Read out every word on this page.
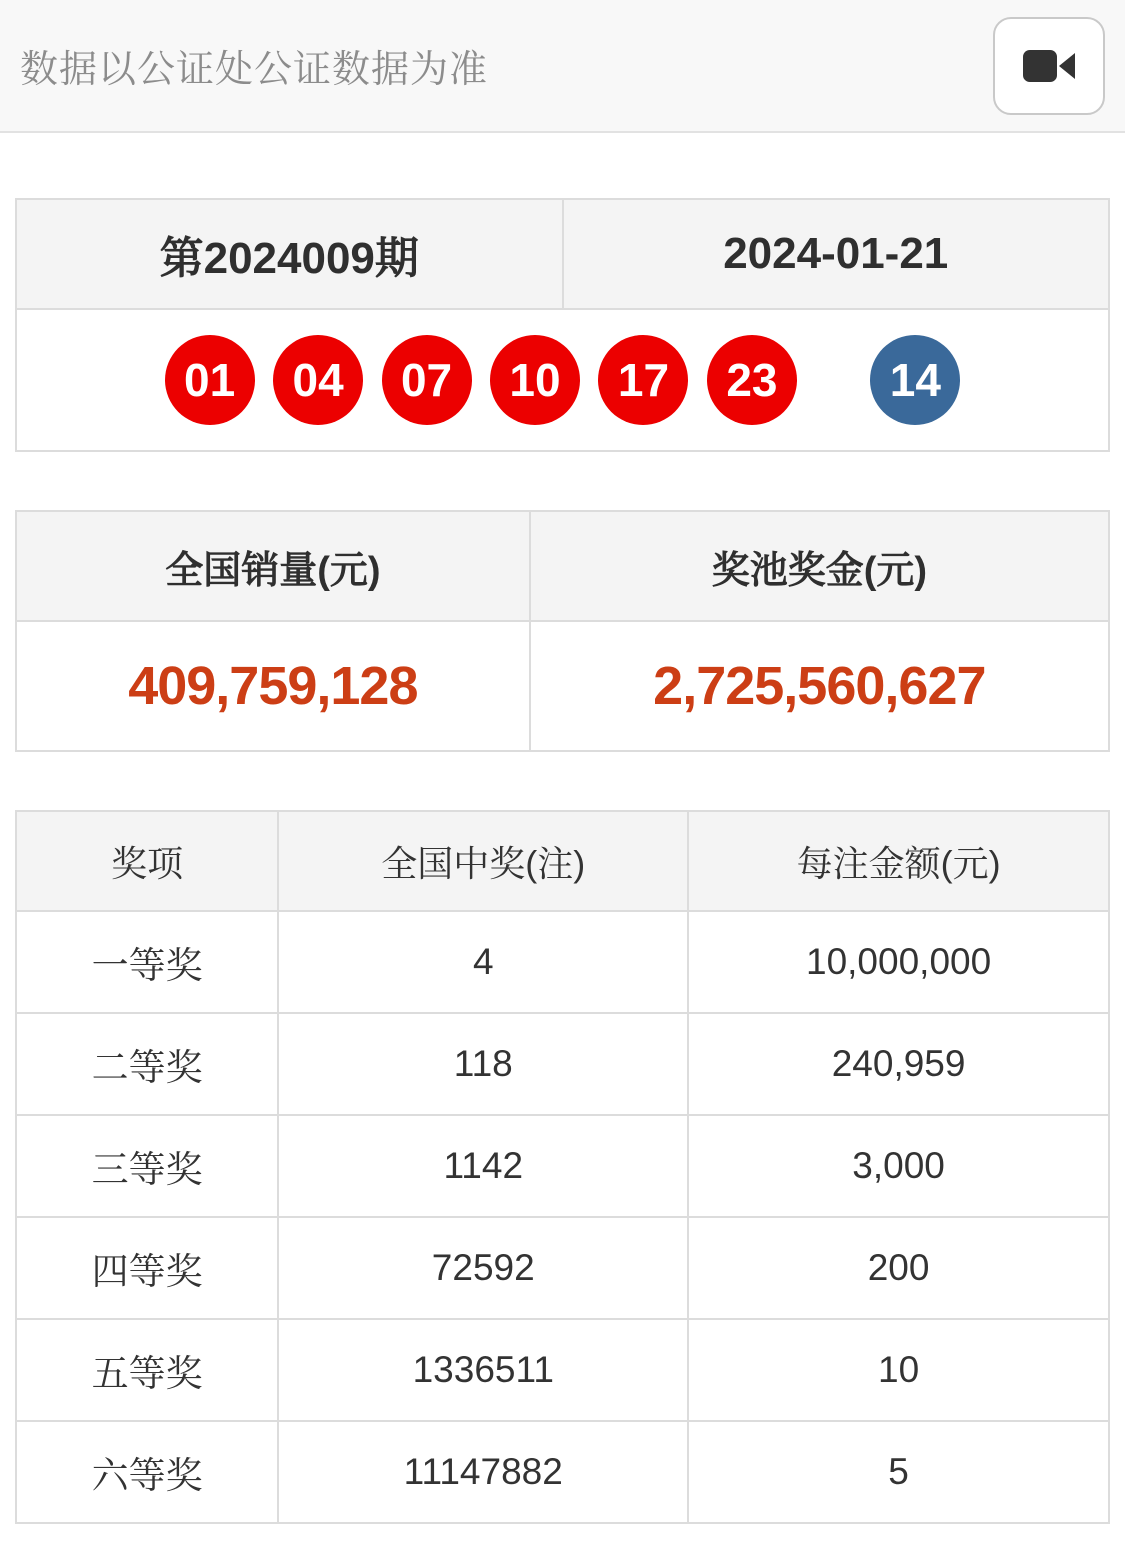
数据以公证处公证数据为准
第2024009期	2024-01-21
01 04 07 10 17 23 14
全国销量(元)	奖池奖金(元)
409,759,128	2,725,560,627
奖项	全国中奖(注)	每注金额(元)
一等奖	4	10,000,000
二等奖	118	240,959
三等奖	1142	3,000
四等奖	72592	200
五等奖	1336511	10
六等奖	11147882	5
